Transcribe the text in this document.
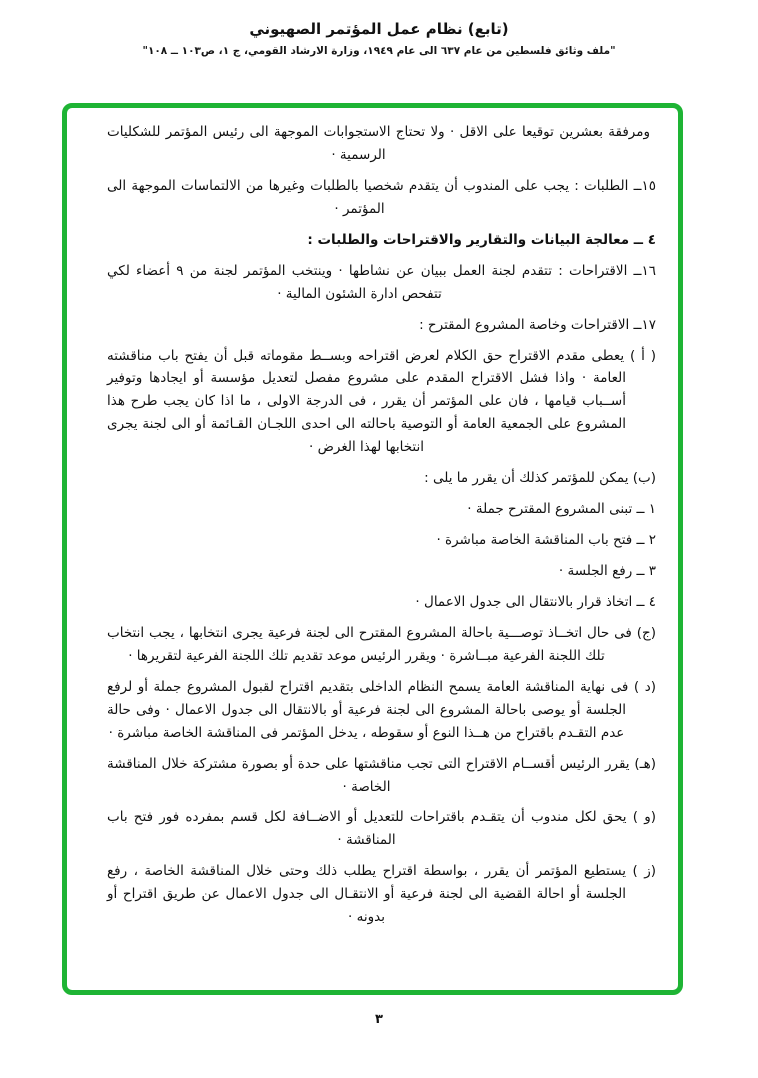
(تابع) نظام عمل المؤتمر الصهيوني
"ملف وثائق فلسطين من عام ٦٣٧ الى عام ١٩٤٩، وزارة الارشاد القومي، ج ١، ص١٠٣ ــ ١٠٨"

ومرفقة بعشرين توقيعا على الاقل · ولا تحتاج الاستجوابات الموجهة الى رئيس المؤتمر للشكليات الرسمية ·

١٥ــ الطلبات : يجب على المندوب أن يتقدم شخصيا بالطلبات وغيرها من الالتماسات الموجهة الى المؤتمر ·

٤ ــ معالجة البيانات والتقارير والاقتراحات والطلبات :

١٦ــ الاقتراحات : تتقدم لجنة العمل ببيان عن نشاطها · وينتخب المؤتمر لجنة من ٩ أعضاء لكي تتفحص ادارة الشئون المالية ·

١٧ــ الاقتراحات وخاصة المشروع المقترح :

( أ ) يعطى مقدم الاقتراح حق الكلام لعرض اقتراحه وبســط مقوماته قبل أن يفتح باب مناقشته العامة · واذا فشل الاقتراح المقدم على مشروع مفصل لتعديل مؤسسة أو ايجادها وتوفير أســباب قيامها ، فان على المؤتمر أن يقرر ، فى الدرجة الاولى ، ما اذا كان يجب طرح هذا المشروع على الجمعية العامة أو التوصية باحالته الى احدى اللجـان القـائمة أو الى لجنة يجرى انتخابها لهذا الغرض ·

(ب) يمكن للمؤتمر كذلك أن يقرر ما يلى :

١ ــ تبنى المشروع المقترح جملة ·

٢ ــ فتح باب المناقشة الخاصة مباشرة ·

٣ ــ رفع الجلسة ·

٤ ــ اتخاذ قرار بالانتقال الى جدول الاعمال ·

(ج) فى حال اتخــاذ توصـــية باحالة المشروع المقترح الى لجنة فرعية يجرى انتخابها ، يجب انتخاب تلك اللجنة الفرعية مبــاشرة · ويقرر الرئيس موعد تقديم تلك اللجنة الفرعية لتقريرها ·

(د ) فى نهاية المناقشة العامة يسمح النظام الداخلى بتقديم اقتراح لقبول المشروع جملة أو لرفع الجلسة أو يوصى باحالة المشروع الى لجنة فرعية أو بالانتقال الى جدول الاعمال · وفى حالة عدم التقـدم باقتراح من هــذا النوع أو سقوطه ، يدخل المؤتمر فى المناقشة الخاصة مباشرة ·

(هـ) يقرر الرئيس أقســام الاقتراح التى تجب مناقشتها على حدة أو بصورة مشتركة خلال المناقشة الخاصة ·

(و ) يحق لكل مندوب أن يتقـدم باقتراحات للتعديل أو الاضــافة لكل قسم بمفرده فور فتح باب المناقشة ·

(ز ) يستطيع المؤتمر أن يقرر ، بواسطة اقتراح يطلب ذلك وحتى خلال المناقشة الخاصة ، رفع الجلسة أو احالة القضية الى لجنة فرعية أو الانتقـال الى جدول الاعمال عن طريق اقتراح أو بدونه ·

٣
